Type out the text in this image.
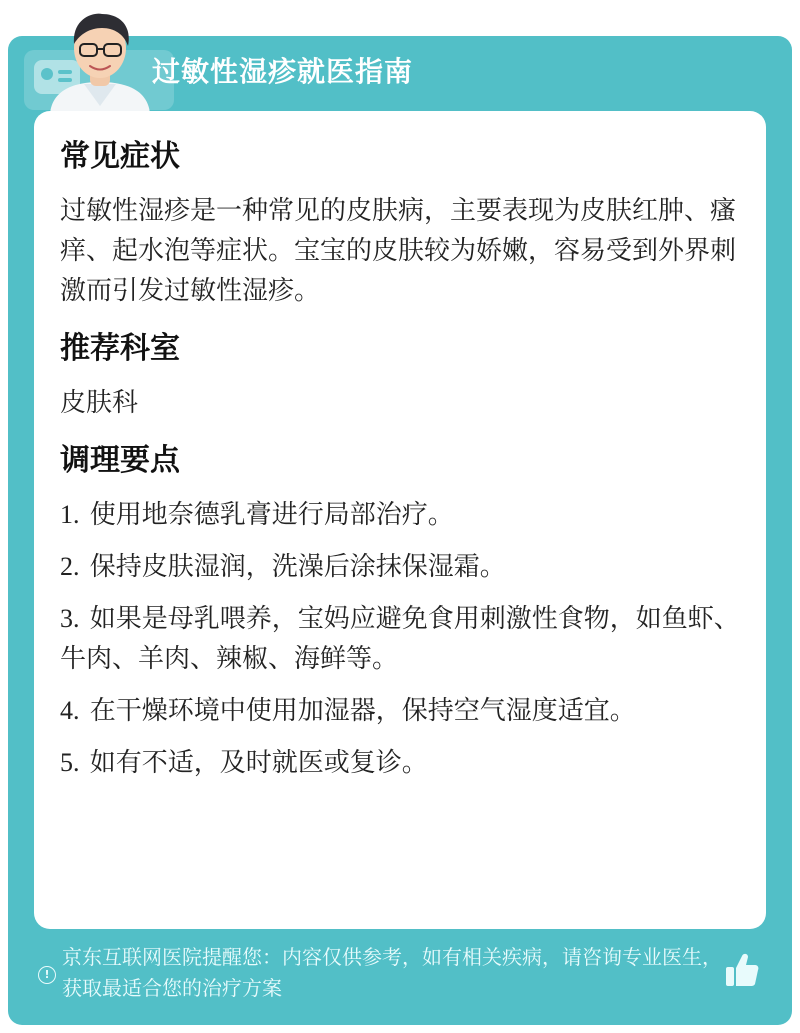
过敏性湿疹就医指南
常见症状
过敏性湿疹是一种常见的皮肤病，主要表现为皮肤红肿、瘙痒、起水泡等症状。宝宝的皮肤较为娇嫩，容易受到外界刺激而引发过敏性湿疹。
推荐科室
皮肤科
调理要点
1. 使用地奈德乳膏进行局部治疗。
2. 保持皮肤湿润，洗澡后涂抹保湿霜。
3. 如果是母乳喂养，宝妈应避免食用刺激性食物，如鱼虾、牛肉、羊肉、辣椒、海鲜等。
4. 在干燥环境中使用加湿器，保持空气湿度适宜。
5. 如有不适，及时就医或复诊。
!
京东互联网医院提醒您：内容仅供参考，如有相关疾病，请咨询专业医生，获取最适合您的治疗方案
